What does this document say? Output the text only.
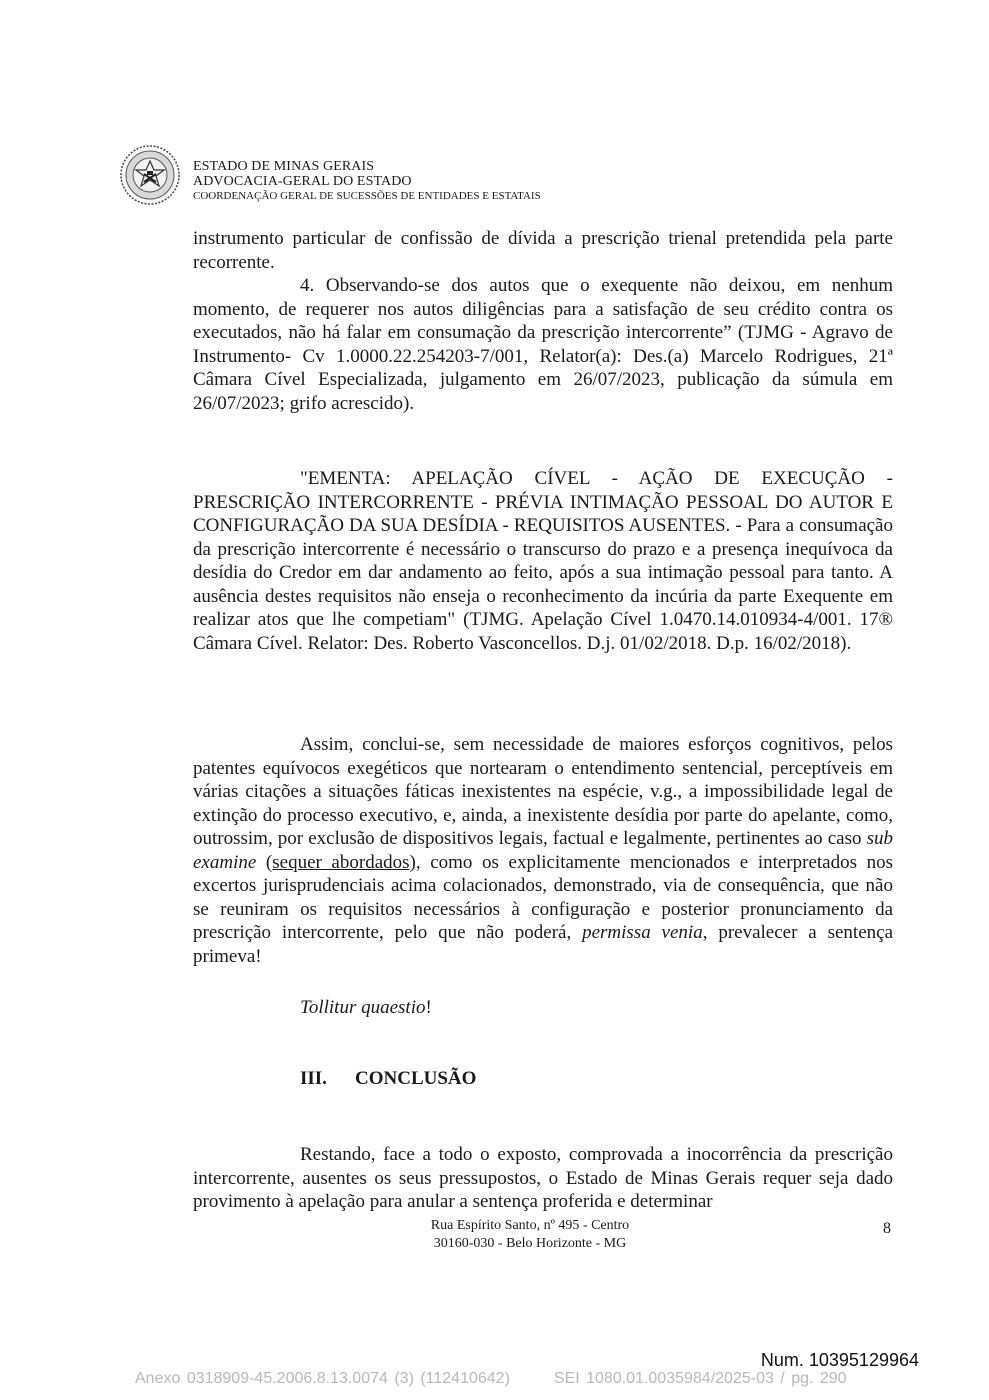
ESTADO DE MINAS GERAIS
ADVOCACIA-GERAL DO ESTADO
COORDENAÇÃO GERAL DE SUCESSÕES DE ENTIDADES E ESTATAIS

instrumento particular de confissão de dívida a prescrição trienal pretendida pela parte recorrente.

4. Observando-se dos autos que o exequente não deixou, em nenhum momento, de requerer nos autos diligências para a satisfação de seu crédito contra os executados, não há falar em consumação da prescrição intercorrente” (TJMG - Agravo de Instrumento- Cv 1.0000.22.254203-7/001, Relator(a): Des.(a) Marcelo Rodrigues, 21ª Câmara Cível Especializada, julgamento em 26/07/2023, publicação da súmula em 26/07/2023; grifo acrescido).

"EMENTA: APELAÇÃO CÍVEL - AÇÃO DE EXECUÇÃO - PRESCRIÇÃO INTERCORRENTE - PRÉVIA INTIMAÇÃO PESSOAL DO AUTOR E CONFIGURAÇÃO DA SUA DESÍDIA - REQUISITOS AUSENTES. - Para a consumação da prescrição intercorrente é necessário o transcurso do prazo e a presença inequívoca da desídia do Credor em dar andamento ao feito, após a sua intimação pessoal para tanto. A ausência destes requisitos não enseja o reconhecimento da incúria da parte Exequente em realizar atos que lhe competiam" (TJMG. Apelação Cível 1.0470.14.010934-4/001. 17® Câmara Cível. Relator: Des. Roberto Vasconcellos. D.j. 01/02/2018. D.p. 16/02/2018).

Assim, conclui-se, sem necessidade de maiores esforços cognitivos, pelos patentes equívocos exegéticos que nortearam o entendimento sentencial, perceptíveis em várias citações a situações fáticas inexistentes na espécie, v.g., a impossibilidade legal de extinção do processo executivo, e, ainda, a inexistente desídia por parte do apelante, como, outrossim, por exclusão de dispositivos legais, factual e legalmente, pertinentes ao caso sub examine (sequer abordados), como os explicitamente mencionados e interpretados nos excertos jurisprudenciais acima colacionados, demonstrado, via de consequência, que não se reuniram os requisitos necessários à configuração e posterior pronunciamento da prescrição intercorrente, pelo que não poderá, permissa venia, prevalecer a sentença primeva!

Tollitur quaestio!

III. CONCLUSÃO

Restando, face a todo o exposto, comprovada a inocorrência da prescrição intercorrente, ausentes os seus pressupostos, o Estado de Minas Gerais requer seja dado provimento à apelação para anular a sentença proferida e determinar

Rua Espírito Santo, nº 495 - Centro
30160-030 - Belo Horizonte - MG
8
Num. 10395129964
Anexo 0318909-45.2006.8.13.0074 (3) (112410642)	SEI 1080.01.0035984/2025-03 / pg. 290
